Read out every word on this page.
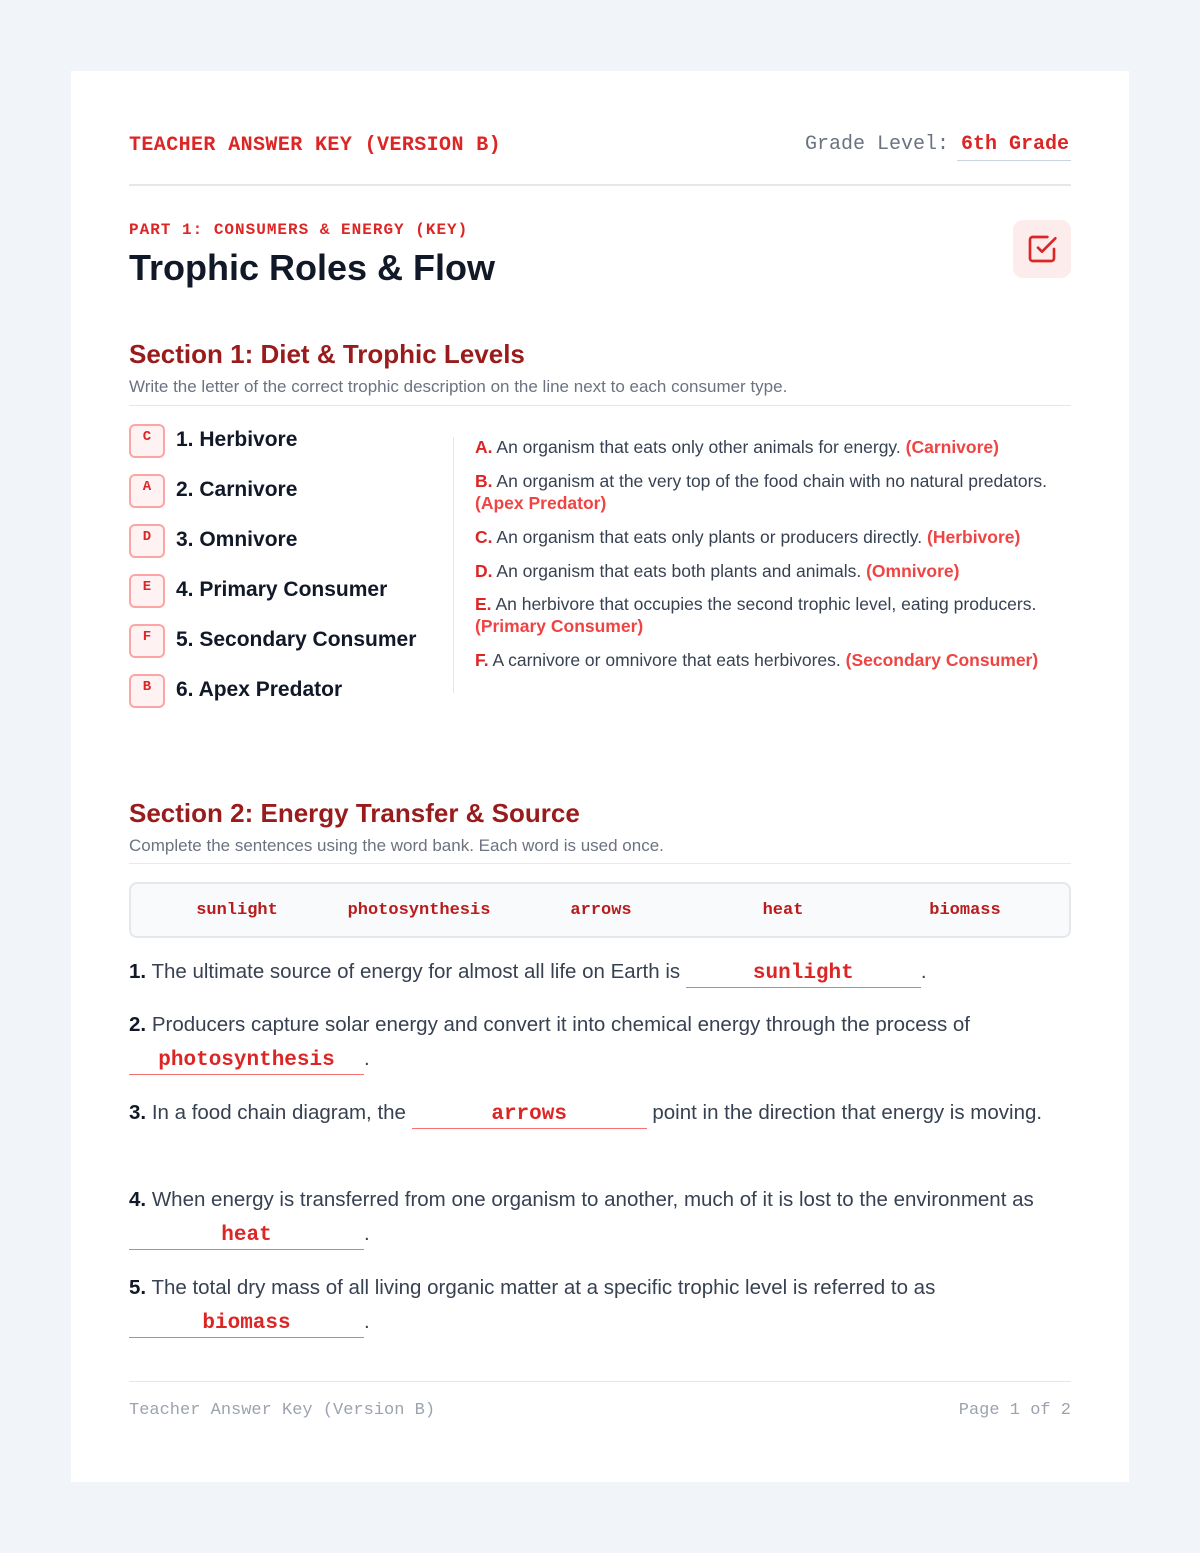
TEACHER ANSWER KEY (VERSION B)	Grade Level: 6th Grade
PART 1: CONSUMERS & ENERGY (KEY)
Trophic Roles & Flow
Section 1: Diet & Trophic Levels
Write the letter of the correct trophic description on the line next to each consumer type.
C	1. Herbivore
A	2. Carnivore
D	3. Omnivore
E	4. Primary Consumer
F	5. Secondary Consumer
B	6. Apex Predator
A. An organism that eats only other animals for energy. (Carnivore)
B. An organism at the very top of the food chain with no natural predators. (Apex Predator)
C. An organism that eats only plants or producers directly. (Herbivore)
D. An organism that eats both plants and animals. (Omnivore)
E. An herbivore that occupies the second trophic level, eating producers. (Primary Consumer)
F. A carnivore or omnivore that eats herbivores. (Secondary Consumer)
Section 2: Energy Transfer & Source
Complete the sentences using the word bank. Each word is used once.
sunlight	photosynthesis	arrows	heat	biomass
1. The ultimate source of energy for almost all life on Earth is	sunlight	.
2. Producers capture solar energy and convert it into chemical energy through the process of photosynthesis .
3. In a food chain diagram, the	arrows	point in the direction that energy is moving.
4. When energy is transferred from one organism to another, much of it is lost to the environment as heat	.
5. The total dry mass of all living organic matter at a specific trophic level is referred to as biomass	.
Teacher Answer Key (Version B)	Page 1 of 2
